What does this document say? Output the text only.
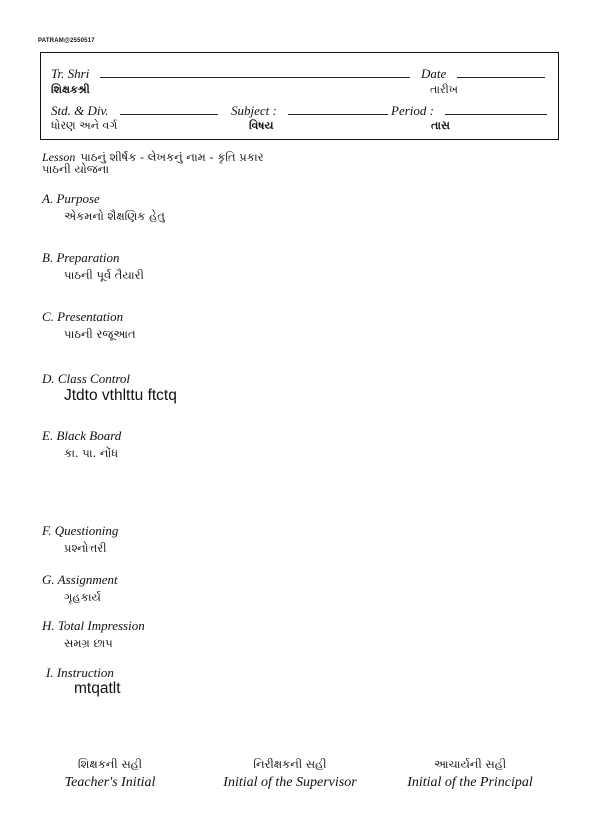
PATRAM@2550517
Tr. Shri	Date
શિક્ષકશ્રી	તારીખ
Std. & Div.	Subject :	Period :
ધોરણ અને વર્ગ	વિષય	તાસ
Lesson પાઠનું શીર્ષક - લેખકનું નામ - કૃતિ પ્રકાર
પાઠની યોજના
A. Purpose
એકમનો શૈક્ષણિક હેતુ
B. Preparation
પાઠની પૂર્વ તૈયારી
C. Presentation
પાઠની રજૂઆત
D. Class Control
Jtdto vthlttu ftctq
E. Black Board
કા. પા. નોંધ
F. Questioning
પ્રશ્નોત્તરી
G. Assignment
ગૃહકાર્ય
H. Total Impression
સમગ્ર છાપ
I. Instruction
mtqatlt
શિક્ષકની સહી
Teacher's Initial
નિરીક્ષકની સહી
Initial of the Supervisor
આચાર્યની સહી
Initial of the Principal
